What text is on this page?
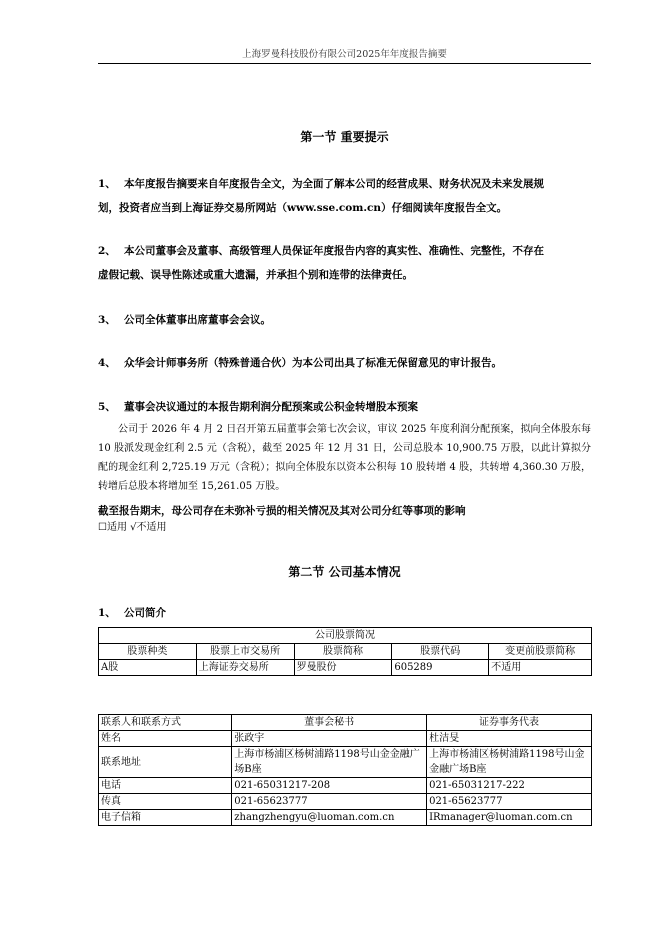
上海罗曼科技股份有限公司2025年年度报告摘要
第一节 重要提示
1、 本年度报告摘要来自年度报告全文，为全面了解本公司的经营成果、财务状况及未来发展规
划，投资者应当到上海证券交易所网站（www.sse.com.cn）仔细阅读年度报告全文。
2、 本公司董事会及董事、高级管理人员保证年度报告内容的真实性、准确性、完整性，不存在
虚假记载、误导性陈述或重大遗漏，并承担个别和连带的法律责任。
3、 公司全体董事出席董事会会议。
4、 众华会计师事务所（特殊普通合伙）为本公司出具了标准无保留意见的审计报告。
5、 董事会决议通过的本报告期利润分配预案或公积金转增股本预案
公司于 2026 年 4 月 2 日召开第五届董事会第七次会议，审议 2025 年度利润分配预案，拟向全体股东每 10 股派发现金红利 2.5 元（含税），截至 2025 年 12 月 31 日，公司总股本 10,900.75 万股，以此计算拟分配的现金红利 2,725.19 万元（含税）；拟向全体股东以资本公积每 10 股转增 4 股，共转增 4,360.30 万股，转增后总股本将增加至 15,261.05 万股。
截至报告期末，母公司存在未弥补亏损的相关情况及其对公司分红等事项的影响
☐适用 √不适用
第二节 公司基本情况
1、 公司简介
公司股票简况				
股票种类	股票上市交易所	股票简称	股票代码	变更前股票简称
A股	上海证券交易所	罗曼股份	605289	不适用
联系人和联系方式	董事会秘书	证券事务代表
姓名	张政宇	杜洁旻
联系地址	上海市杨浦区杨树浦路1198号山金金融广场B座	上海市杨浦区杨树浦路1198号山金金融广场B座
电话	021-65031217-208	021-65031217-222
传真	021-65623777	021-65623777
电子信箱	zhangzhengyu@luoman.com.cn	IRmanager@luoman.com.cn
